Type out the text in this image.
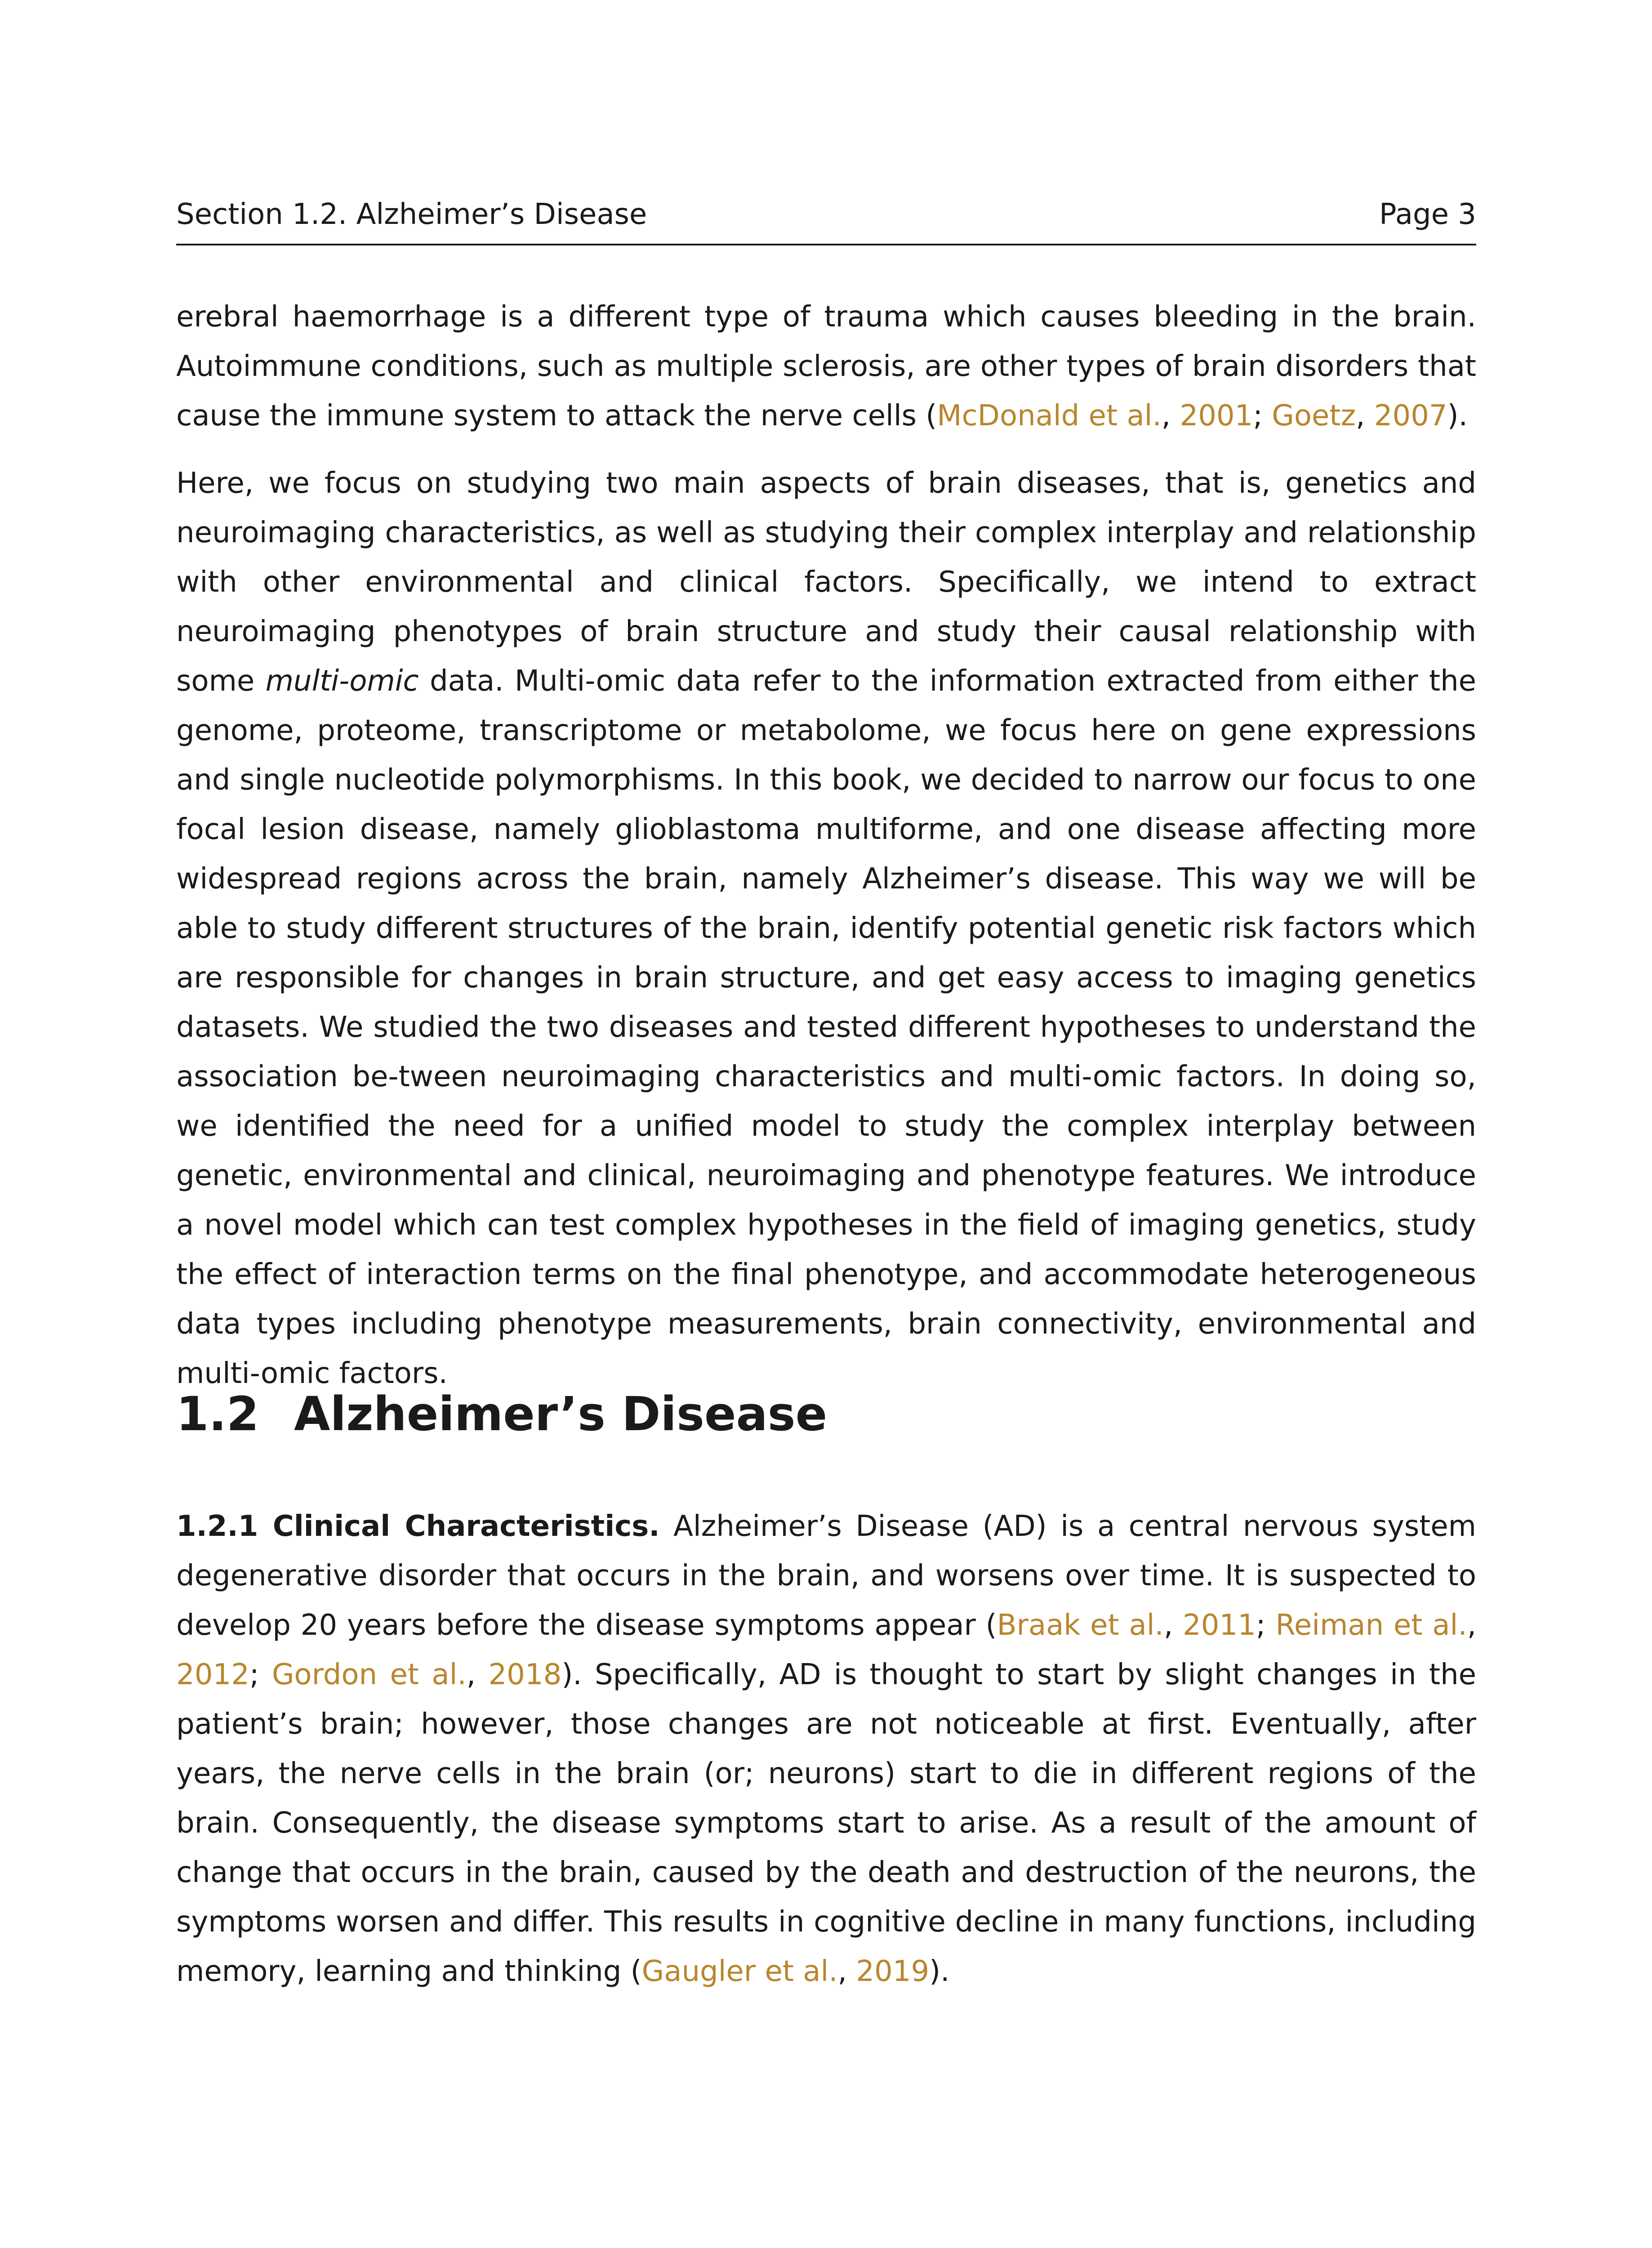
Section 1.2. Alzheimer’s Disease	Page 3

erebral haemorrhage is a different type of trauma which causes bleeding in the brain. Autoimmune conditions, such as multiple sclerosis, are other types of brain disorders that cause the immune system to attack the nerve cells (McDonald et al., 2001; Goetz, 2007).

Here, we focus on studying two main aspects of brain diseases, that is, genetics and neuroimaging characteristics, as well as studying their complex interplay and relationship with other environmental and clinical factors. Specifically, we intend to extract neuroimaging phenotypes of brain structure and study their causal relationship with some multi-omic data. Multi-omic data refer to the information extracted from either the genome, proteome, transcriptome or metabolome, we focus here on gene expressions and single nucleotide polymorphisms. In this book, we decided to narrow our focus to one focal lesion disease, namely glioblastoma multiforme, and one disease affecting more widespread regions across the brain, namely Alzheimer’s disease. This way we will be able to study different structures of the brain, identify potential genetic risk factors which are responsible for changes in brain structure, and get easy access to imaging genetics datasets. We studied the two diseases and tested different hypotheses to understand the association be-tween neuroimaging characteristics and multi-omic factors. In doing so, we identified the need for a unified model to study the complex interplay between genetic, environmental and clinical, neuroimaging and phenotype features. We introduce a novel model which can test complex hypotheses in the field of imaging genetics, study the effect of interaction terms on the final phenotype, and accommodate heterogeneous data types including phenotype measurements, brain connectivity, environmental and multi-omic factors.

1.2 Alzheimer’s Disease

1.2.1 Clinical Characteristics. Alzheimer’s Disease (AD) is a central nervous system degenerative disorder that occurs in the brain, and worsens over time. It is suspected to develop 20 years before the disease symptoms appear (Braak et al., 2011; Reiman et al., 2012; Gordon et al., 2018). Specifically, AD is thought to start by slight changes in the patient’s brain; however, those changes are not noticeable at first. Eventually, after years, the nerve cells in the brain (or; neurons) start to die in different regions of the brain. Consequently, the disease symptoms start to arise. As a result of the amount of change that occurs in the brain, caused by the death and destruction of the neurons, the symptoms worsen and differ. This results in cognitive decline in many functions, including memory, learning and thinking (Gaugler et al., 2019).
